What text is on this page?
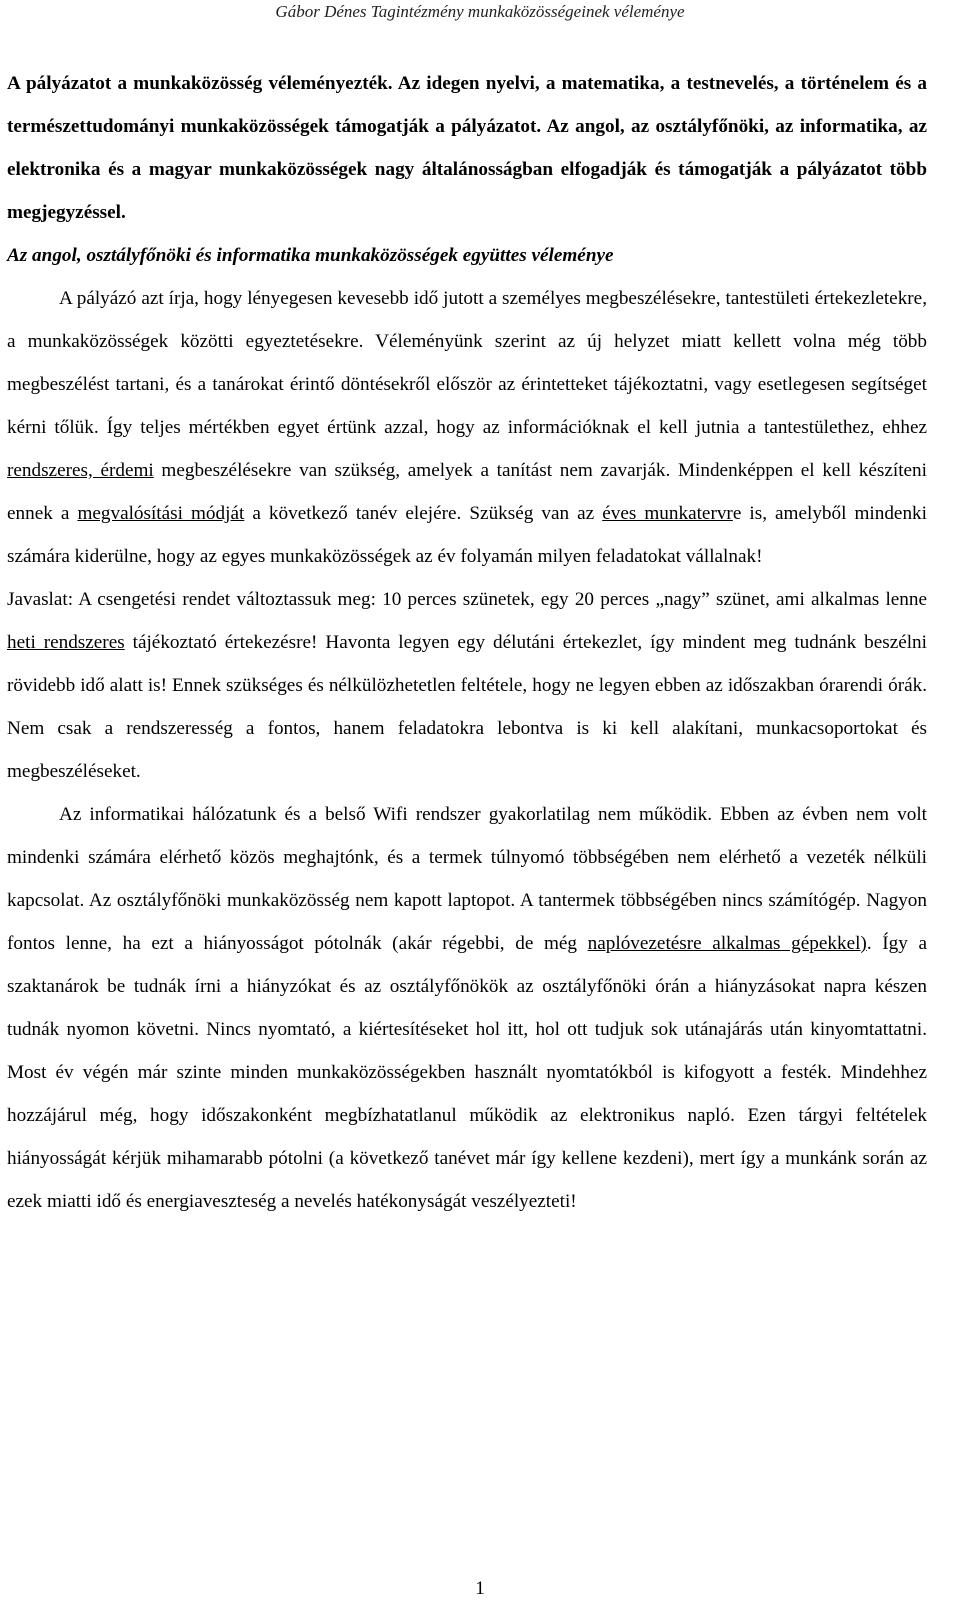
Gábor Dénes Tagintézmény munkaközösségeinek véleménye

A pályázatot a munkaközösség véleményezték. Az idegen nyelvi, a matematika, a testnevelés, a történelem és a természettudományi munkaközösségek támogatják a pályázatot. Az angol, az osztályfőnöki, az informatika, az elektronika és a magyar munkaközösségek nagy általánosságban elfogadják és támogatják a pályázatot több megjegyzéssel.

Az angol, osztályfőnöki és informatika munkaközösségek együttes véleménye

A pályázó azt írja, hogy lényegesen kevesebb idő jutott a személyes megbeszélésekre, tantestületi értekezletekre, a munkaközösségek közötti egyeztetésekre. Véleményünk szerint az új helyzet miatt kellett volna még több megbeszélést tartani, és a tanárokat érintő döntésekről először az érintetteket tájékoztatni, vagy esetlegesen segítséget kérni tőlük. Így teljes mértékben egyet értünk azzal, hogy az információknak el kell jutnia a tantestülethez, ehhez rendszeres, érdemi megbeszélésekre van szükség, amelyek a tanítást nem zavarják. Mindenképpen el kell készíteni ennek a megvalósítási módját a következő tanév elejére. Szükség van az éves munkatervre is, amelyből mindenki számára kiderülne, hogy az egyes munkaközösségek az év folyamán milyen feladatokat vállalnak!

Javaslat: A csengetési rendet változtassuk meg: 10 perces szünetek, egy 20 perces „nagy” szünet, ami alkalmas lenne heti rendszeres tájékoztató értekezésre! Havonta legyen egy délutáni értekezlet, így mindent meg tudnánk beszélni rövidebb idő alatt is! Ennek szükséges és nélkülözhetetlen feltétele, hogy ne legyen ebben az időszakban órarendi órák. Nem csak a rendszeresség a fontos, hanem feladatokra lebontva is ki kell alakítani, munkacsoportokat és megbeszéléseket.

Az informatikai hálózatunk és a belső Wifi rendszer gyakorlatilag nem működik. Ebben az évben nem volt mindenki számára elérhető közös meghajtónk, és a termek túlnyomó többségében nem elérhető a vezeték nélküli kapcsolat. Az osztályfőnöki munkaközösség nem kapott laptopot. A tantermek többségében nincs számítógép. Nagyon fontos lenne, ha ezt a hiányosságot pótolnák (akár régebbi, de még naplóvezetésre alkalmas gépekkel). Így a szaktanárok be tudnák írni a hiányzókat és az osztályfőnökök az osztályfőnöki órán a hiányzásokat napra készen tudnák nyomon követni. Nincs nyomtató, a kiértesítéseket hol itt, hol ott tudjuk sok utánajárás után kinyomtattatni. Most év végén már szinte minden munkaközösségekben használt nyomtatókból is kifogyott a festék. Mindehhez hozzájárul még, hogy időszakonként megbízhatatlanul működik az elektronikus napló. Ezen tárgyi feltételek hiányosságát kérjük mihamarabb pótolni (a következő tanévet már így kellene kezdeni), mert így a munkánk során az ezek miatti idő és energiaveszteség a nevelés hatékonyságát veszélyezteti!

1
